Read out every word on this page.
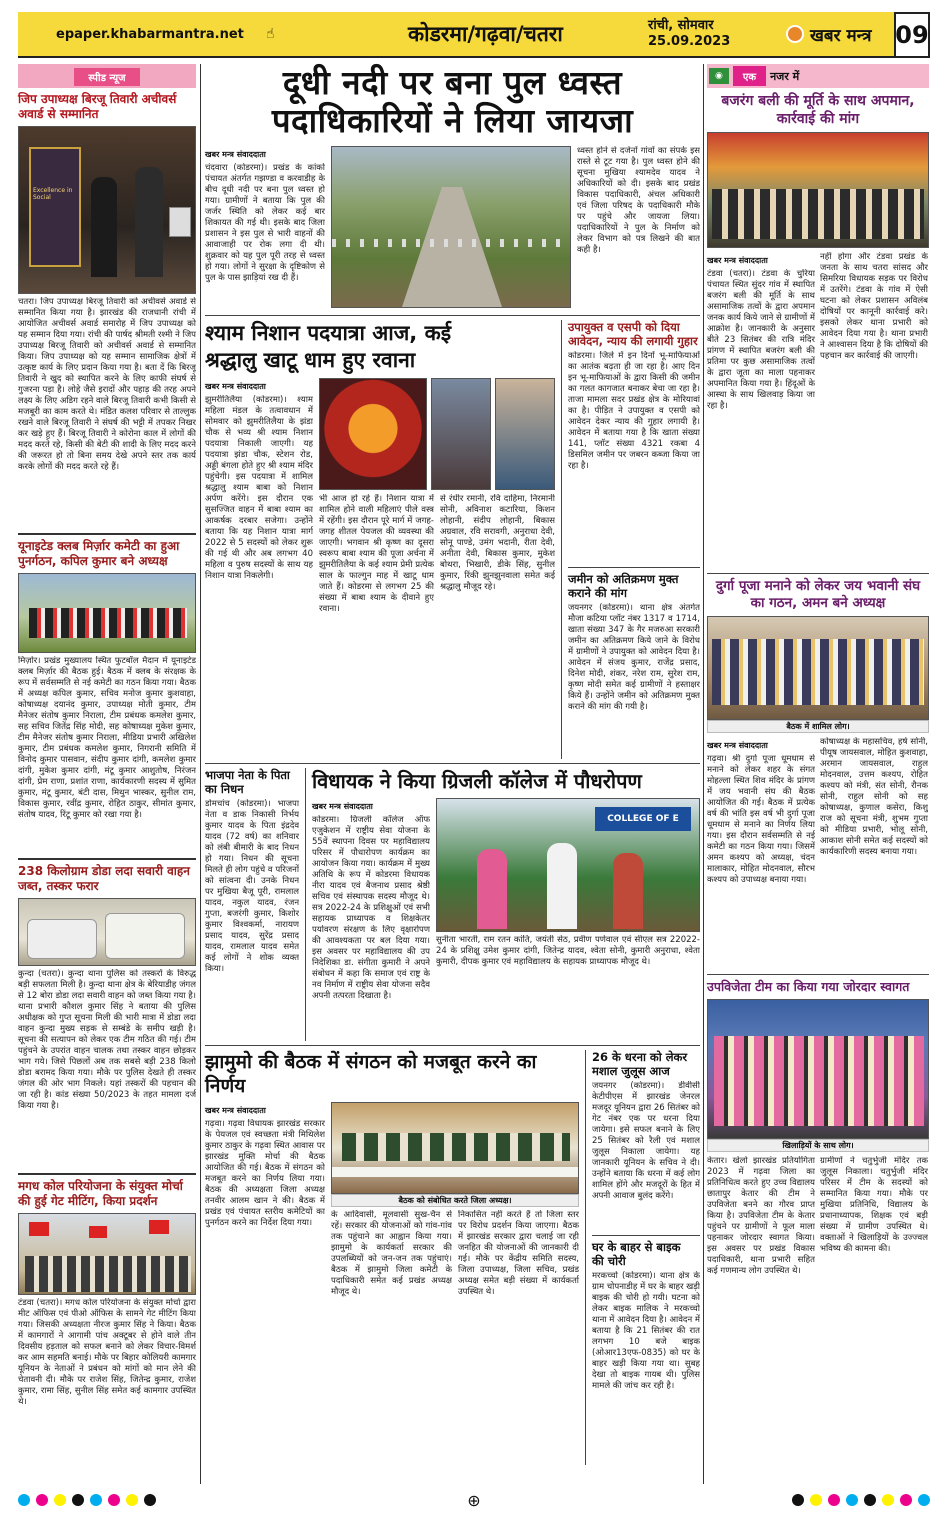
epaper.khabarmantra.net	☝	कोडरमा/गढ़वा/चतरा	रांची, सोमवार
25.09.2023	खबर मन्त्र 09
स्पीड न्यूज
जिप उपाध्यक्ष बिरजू तिवारी अचीवर्स अवार्ड से सम्मानित
Excellence in Social
चतरा। जिप उपाध्यक्ष बिरजू तिवारी को अचीवर्स अवार्ड से सम्मानित किया गया है। झारखंड की राजधानी रांची में आयोजित अचीवर्स अवार्ड समारोह में जिप उपाध्यक्ष को यह सम्मान दिया गया। रांची की पार्षद श्रीमती रश्मी ने जिप उपाध्यक्ष बिरजू तिवारी को अचीवर्स अवार्ड से सम्मानित किया। जिप उपाध्यक्ष को यह सम्मान सामाजिक क्षेत्रों में उत्कृष्ट कार्य के लिए प्रदान किया गया है। बता दें कि बिरजू तिवारी ने खुद को स्थापित करने के लिए काफी संघर्ष से गुजरना पड़ा है। लोहे जैसे इरादों और पहाड़ की तरह अपने लक्ष्य के लिए अडिग रहने वाले बिरजू तिवारी कभी किसी से मजबूरी का काम करते थे। मंडित कलश परिवार से ताल्लुक रखने वाले बिरजू तिवारी ने संघर्ष की भट्टी में तपकर निखर कर खड़े हुए हैं। बिरजू तिवारी ने कोरोना काल में लोगों की मदद करते रहे, किसी की बेटी की शादी के लिए मदद करने की जरूरत हो तो बिना समय देखे अपने स्तर तक कार्य करके लोगों की मदद करते रहे हैं।
यूनाइटेड क्लब मिर्ज़ार कमेटी का हुआ पुनर्गठन, कपिल कुमार बने अध्यक्ष
मिर्ज़ार। प्रखंड मुख्यालय स्थित फुटबॉल मैदान में यूनाइटेड क्लब मिर्ज़ार की बैठक हुई। बैठक में क्लब के संरक्षक के रूप में सर्वसम्मति से नई कमेटी का गठन किया गया। बैठक में अध्यक्ष कपिल कुमार, सचिव मनोज कुमार कुशवाहा, कोषाध्यक्ष दयानंद कुमार, उपाध्यक्ष मोती कुमार, टीम मैनेजर संतोष कुमार निराला, टीम प्रबंधक कमलेश कुमार, सह सचिव जितेंद्र सिंह मोदी, सह कोषाध्यक्ष मुकेश कुमार, टीम मैनेजर संतोष कुमार निराला, मीडिया प्रभारी अखिलेश कुमार, टीम प्रबंधक कमलेश कुमार, निगरानी समिति में विनोद कुमार पासवान, संदीप कुमार दांगी, कमलेश कुमार दांगी, मुकेश कुमार दांगी, मंटू कुमार आशुतोष, निरंजन दांगी, प्रेम राणा, प्रशांत राणा, कार्यकारणी सदस्य में सुमित कुमार, मंटू कुमार, बंटी दास, मिथुन भास्कर, सुनील राम, विकास कुमार, रवींद्र कुमार, रोहित ठाकुर, सीमांत कुमार, संतोष यादव, रिंटू कुमार को रखा गया है।
238 किलोग्राम डोडा लदा सवारी वाहन जब्त, तस्कर फरार
कुन्दा (चतरा)। कुन्दा थाना पुलिस को तस्करों के विरुद्ध बड़ी सफलता मिली है। कुन्दा थाना क्षेत्र के बेरियाडीह जंगल से 12 बोरा डोडा लदा सवारी वाहन को जब्त किया गया है। थाना प्रभारी कौशल कुमार सिंह ने बताया की पुलिस अधीक्षक को गुप्त सूचना मिली की भारी मात्रा में डोडा लदा वाहन कुन्दा मुख्य सड़क से सम्बंडे के समीप खड़ी है। सूचना की सत्यापन को लेकर एक टीम गठित की गई। टीम पहुंचने के उपरांत वाहन चालक तथा तस्कर वाहन छोड़कर भाग गये। जिसे पिछलों अब तक सबसे बड़ी 238 किलो डोडा बरामद किया गया। मौके पर पुलिस देखते ही तस्कर जंगल की ओर भाग निकले। यहां तस्करों की पहचान की जा रही है। कांड संख्या 50/2023 के तहत मामला दर्ज किया गया है।
मगध कोल परियोजना के संयुक्त मोर्चा की हुई गेट मीटिंग, किया प्रदर्शन
टंडवा (चतरा)। मगध कोल परियोजना के संयुक्त मोर्चा द्वारा मीट ऑफिस एवं पीओ ऑफिस के सामने गेट मीटिंग किया गया। जिसकी अध्यक्षता नीरज कुमार सिंह ने किया। बैठक में कामगारों ने आगामी पांच अक्टूबर से होने वाले तीन दिवसीय हड़ताल को सफल बनाने को लेकर विचार-विमर्श कर आम सहमति बनाई। मौके पर बिहार कोलियरी कामगार यूनियन के नेताओं ने प्रबंधन को मांगों को मान लेने की चेतावनी दी। मौके पर राजेश सिंह, जितेन्द्र कुमार, राजेश कुमार, रामा सिंह, सुनील सिंह समेत कई कामगार उपस्थित थे।
दूधी नदी पर बना पुल ध्वस्त
पदाधिकारियों ने लिया जायजा
खबर मन्त्र संवाददाता
चंदवारा (कोडरमा)। प्रखंड के कांको पंचायत अंतर्गत गझण्डा व करवाडीह के बीच दूधी नदी पर बना पुल ध्वस्त हो गया। ग्रामीणों ने बताया कि पुल की जर्जर स्थिति को लेकर कई बार शिकायत की गई थी। इसके बाद जिला प्रशासन ने इस पुल से भारी वाहनों की आवाजाही पर रोक लगा दी थी। शुक्रवार को यह पुल पूरी तरह से ध्वस्त हो गया। लोगों ने सुरक्षा के दृष्टिकोण से पुल के पास झाड़ियां रख दी हैं।
ध्वस्त होने से दर्जनों गांवों का संपर्क इस रास्ते से टूट गया है। पुल ध्वस्त होने की सूचना मुखिया श्यामदेव यादव ने अधिकारियों को दी। इसके बाद प्रखंड विकास पदाधिकारी, अंचल अधिकारी एवं जिला परिषद के पदाधिकारी मौके पर पहुंचे और जायजा लिया। पदाधिकारियों ने पुल के निर्माण को लेकर विभाग को पत्र लिखने की बात कही है।
श्याम निशान पदयात्रा आज, कई
श्रद्धालु खाटू धाम हुए रवाना
खबर मन्त्र संवाददाता
झुमरीतिलैया (कोडरमा)। श्याम महिला मंडल के तत्वावधान में सोमवार को झुमरीतिलैया के झंडा चौक से भव्य श्री श्याम निशान पदयात्रा निकाली जाएगी। यह पदयात्रा झंडा चौक, स्टेशन रोड, अड्डी बंगला होते हुए श्री श्याम मंदिर पहुंचेगी। इस पदयात्रा में शामिल श्रद्धालु श्याम बाबा को निशान अर्पण करेंगे। इस दौरान एक सुसज्जित वाहन में बाबा श्याम का आकर्षक दरबार सजेगा। उन्होंने बताया कि यह निशान यात्रा मार्ग 2022 से 5 सदस्यों को लेकर शुरू की गई थी और अब लगभग 40 महिला व पुरुष सदस्यों के साथ यह निशान यात्रा निकलेगी।
भी आज हो रहे हैं। निशान यात्रा में शामिल होने वाली महिलाएं पीले वस्त्र में रहेंगी। इस दौरान पूरे मार्ग में जगह-जगह शीतल पेयजल की व्यवस्था की जाएगी। भगवान श्री कृष्ण का दूसरा स्वरूप बाबा श्याम की पूजा अर्चना में झुमरीतिलैया के कई श्याम प्रेमी प्रत्येक साल के फाल्गुन माह में खाटू धाम जाते हैं। कोडरमा से लगभग 25 की संख्या में बाबा श्याम के दीवाने हुए रवाना।
से रंधीर रमानी, रवि दाहिमा, निरमानी सोनी, अविनाश कटारिया, किशन लोहानी, संदीप लोहानी, बिकास अग्रवाल, रवि सरावगी, अनुराधा देवी, सोनू पाण्डे, उमंग भदानी, रीता देवी, अनीता देवी, बिकास कुमार, मुकेश बोथरा, भिखारी, डीके सिंह, सुनील कुमार, रिंकी झुनझुनवाला समेत कई श्रद्धालु मौजूद रहे।
उपायुक्त व एसपी को दिया
आवेदन, न्याय की लगायी गुहार
कोडरमा। जिले में इन दिनों भू-माफियाओं का आतंक बढ़ता ही जा रहा है। आए दिन इन भू-माफियाओं के द्वारा किसी की जमीन का गलत कागजात बनाकर बेचा जा रहा है। ताजा मामला सदर प्रखंड क्षेत्र के मोरियावां का है। पीड़ित ने उपायुक्त व एसपी को आवेदन देकर न्याय की गुहार लगायी है। आवेदन में बताया गया है कि खाता संख्या 141, प्लॉट संख्या 4321 रकबा 4 डिसमिल जमीन पर जबरन कब्जा किया जा रहा है।
जमीन को अतिक्रमण मुक्त
कराने की मांग
जयनगर (कोडरमा)। थाना क्षेत्र अंतर्गत मौजा कटिया प्लॉट नंबर 1317 व 1714, खाता संख्या 347 के गैर मजरुआ सरकारी जमीन का अतिक्रमण किये जाने के विरोध में ग्रामीणों ने उपायुक्त को आवेदन दिया है। आवेदन में संजय कुमार, राजेंद्र प्रसाद, दिनेश मोदी, शंकर, नरेश राम, सुरेश राम, कृष्ण मोदी समेत कई ग्रामीणों ने हस्ताक्षर किये हैं। उन्होंने जमीन को अतिक्रमण मुक्त कराने की मांग की गयी है।
भाजपा नेता के पिता
का निधन
डोमचांच (कोडरमा)। भाजपा नेता व डाक निकासी निर्भय कुमार यादव के पिता इंद्रदेव यादव (72 वर्ष) का शनिवार को लंबी बीमारी के बाद निधन हो गया। निधन की सूचना मिलते ही लोग पहुंचे व परिजनों को सांत्वना दी। उनके निधन पर मुखिया बैजू पूरी, रामलाल यादव, नकुल यादव, रंजन गुप्ता, बजरंगी कुमार, किशोर कुमार विश्वकर्मा, नारायण प्रसाद यादव, सुरेंद्र प्रसाद यादव, रामलाल यादव समेत कई लोगों ने शोक व्यक्त किया।
विधायक ने किया ग्रिजली कॉलेज में पौधरोपण
खबर मन्त्र संवाददाता
कोडरमा। ग्रिजली कॉलेज ऑफ एजुकेशन में राष्ट्रीय सेवा योजना के 55वें स्थापना दिवस पर महाविद्यालय परिसर में पौधारोपण कार्यक्रम का आयोजन किया गया। कार्यक्रम में मुख्य अतिथि के रूप में कोडरमा विधायक नीरा यादव एवं बैजनाथ प्रसाद श्रेष्ठी सचिव एवं संस्थापक सदस्य मौजूद थे। सत्र 2022-24 के प्रशिक्षुओं एवं सभी सहायक प्राध्यापक व शिक्षकेतर
पर्यावरण संरक्षण के लिए वृक्षारोपण की आवश्यकता पर बल दिया गया। इस अवसर पर महाविद्यालय की उप निदेशिका डा. संगीता कुमारी ने अपने संबोधन में कहा कि समाज एवं राष्ट्र के नव निर्माण में राष्ट्रीय सेवा योजना सदैव अपनी तत्परता दिखाता है।
COLLEGE OF E
सुनीता भारती, राम रतन कांति, जयंती सेठ, प्रवीण पर्णवाल एवं सीएल सत्र 22022-24 के प्रशिक्षु उमेश कुमार दांगी, जितेन्द्र यादव, श्वेता सोनी, कुमारी अनुराधा, श्वेता कुमारी, दीपक कुमार एवं महाविद्यालय के सहायक प्राध्यापक मौजूद थे।
झामुमो की बैठक में संगठन को मजबूत करने का निर्णय
खबर मन्त्र संवाददाता
गढ़वा। गढ़वा विधायक झारखंड सरकार के पेयजल एवं स्वच्छता मंत्री मिथिलेश कुमार ठाकुर के गढ़वा स्थित आवास पर झारखंड मुक्ति मोर्चा की बैठक आयोजित की गई। बैठक में संगठन को मजबूत करने का निर्णय लिया गया। बैठक की अध्यक्षता जिला अध्यक्ष तनवीर आलम खान ने की। बैठक में प्रखंड एवं पंचायत स्तरीय कमेटियों का पुनर्गठन करने का निर्देश दिया गया।
बैठक को संबोधित करते जिला अध्यक्ष।
के आदिवासी, मूलवासी सुख-चैन से रहें। सरकार की योजनाओं को गांव-गांव तक पहुंचाने का आह्वान किया गया। झामुमो के कार्यकर्ता सरकार की उपलब्धियों को जन-जन तक पहुंचाएं। बैठक में झामुमो जिला कमेटी के पदाधिकारी समेत कई प्रखंड अध्यक्ष मौजूद थे।
निकासित नहीं करते हैं तो जिला स्तर पर विरोध प्रदर्शन किया जाएगा। बैठक में झारखंड सरकार द्वारा चलाई जा रही जनहित की योजनाओं की जानकारी दी गई। मौके पर केंद्रीय समिति सदस्य, जिला उपाध्यक्ष, जिला सचिव, प्रखंड अध्यक्ष समेत बड़ी संख्या में कार्यकर्ता उपस्थित थे।
26 के धरना को लेकर
मशाल जुलूस आज
जयनगर (कोडरमा)। डीवीसी केटीपीएस में झारखंड जेनरल मजदूर यूनियन द्वारा 26 सितंबर को गेट नंबर एक पर धरना दिया जायेगा। इसे सफल बनाने के लिए 25 सितंबर को रैली एवं मशाल जुलूस निकाला जायेगा। यह जानकारी यूनियन के सचिव ने दी। उन्होंने बताया कि धरना में कई लोग शामिल होंगे और मजदूरों के हित में अपनी आवाज बुलंद करेंगे।
घर के बाहर से बाइक
की चोरी
मरकच्चो (कोडरमा)। थाना क्षेत्र के ग्राम चोपनाडीह में घर के बाहर खड़ी बाइक की चोरी हो गयी। घटना को लेकर बाइक मालिक ने मरकच्चो थाना में आवेदन दिया है। आवेदन में बताया है कि 21 सितंबर की रात लगभग 10 बजे बाइक (ओआर13एफ-0835) को घर के बाहर खड़ी किया गया था। सुबह देखा तो बाइक गायब थी। पुलिस मामले की जांच कर रही है।
◉	एक	नजर में
बजरंग बली की मूर्ति के साथ अपमान, कार्रवाई की मांग
खबर मन्त्र संवाददाता
टंडवा (चतरा)। टंडवा के चुरिया पंचायत स्थित सुंदर गांव में स्थापित बजरंग बली की मूर्ति के साथ असामाजिक तत्वों के द्वारा अपमान जनक कार्य किये जाने से ग्रामीणों में आक्रोश है। जानकारी के अनुसार बीते 23 सितंबर की रात्रि मंदिर प्रांगण में स्थापित बजरंग बली की प्रतिमा पर कुछ असामाजिक तत्वों के द्वारा जूता का माला पहनाकर अपमानित किया गया है। हिंदूओं के आस्था के साथ खिलवाड़ किया जा रहा है।
नहीं होगा और टंडवा प्रखंड के जनता के साथ चतरा सांसद और सिमरिया विधायक सड़क पर विरोध में उतरेंगे। टंडवा के गांव में ऐसी घटना को लेकर प्रशासन अविलंब दोषियों पर कानूनी कार्रवाई करे। इसको लेकर थाना प्रभारी को आवेदन दिया गया है। थाना प्रभारी ने आश्वासन दिया है कि दोषियों की पहचान कर कार्रवाई की जाएगी।
दुर्गा पूजा मनाने को लेकर जय भवानी संघ का गठन, अमन बने अध्यक्ष
बैठक में शामिल लोग।
खबर मन्त्र संवाददाता
गढ़वा। श्री दुर्गा पूजा धूमधाम से मनाने को लेकर शहर के संगत मोहल्ला स्थित शिव मंदिर के प्रांगण में जय भवानी संघ की बैठक आयोजित की गई। बैठक में प्रत्येक वर्ष की भांति इस वर्ष भी दुर्गा पूजा धूमधाम से मनाने का निर्णय लिया गया। इस दौरान सर्वसम्मति से नई कमेटी का गठन किया गया। जिसमें अमन कश्यप को अध्यक्ष, चंदन मालाकार, मोहित मोदनवाल, सौरभ कश्यप को उपाध्यक्ष बनाया गया।
कोषाध्यक्ष के महासचिव, हर्ष सोनी, पीयूष जायसवाल, मोहित कुशवाहा, अरमान जायसवाल, राहुल मोदनवाल, उत्तम कश्यप, रोहित कश्यप को मंत्री, संत सोनी, रौनक सोनी, राहुल सोनी को सह कोषाध्यक्ष, कुणाल कसेरा, किशु राज को सूचना मंत्री, शुभम गुप्ता को मीडिया प्रभारी, भोलू सोनी, आकाश सोनी समेत कई सदस्यों को कार्यकारिणी सदस्य बनाया गया।
उपविजेता टीम का किया गया जोरदार स्वागत
खिलाड़ियों के साथ लोग।
केतार। खेलो झारखंड प्रतियोगिता 2023 में गढ़वा जिला का प्रतिनिधित्व करते हुए उच्च विद्यालय छातापुर केतार की टीम ने उपविजेता बनने का गौरव प्राप्त किया है। उपविजेता टीम के केतार पहुंचने पर ग्रामीणों ने फूल माला पहनाकर जोरदार स्वागत किया। इस अवसर पर प्रखंड विकास पदाधिकारी, थाना प्रभारी सहित कई गणमान्य लोग उपस्थित थे।
ग्रामीणों ने चतुर्भुजी मंदिर तक जुलूस निकाला। चतुर्भुजी मंदिर परिसर में टीम के सदस्यों को सम्मानित किया गया। मौके पर मुखिया प्रतिनिधि, विद्यालय के प्रधानाध्यापक, शिक्षक एवं बड़ी संख्या में ग्रामीण उपस्थित थे। वक्ताओं ने खिलाड़ियों के उज्ज्वल भविष्य की कामना की।
⊕
